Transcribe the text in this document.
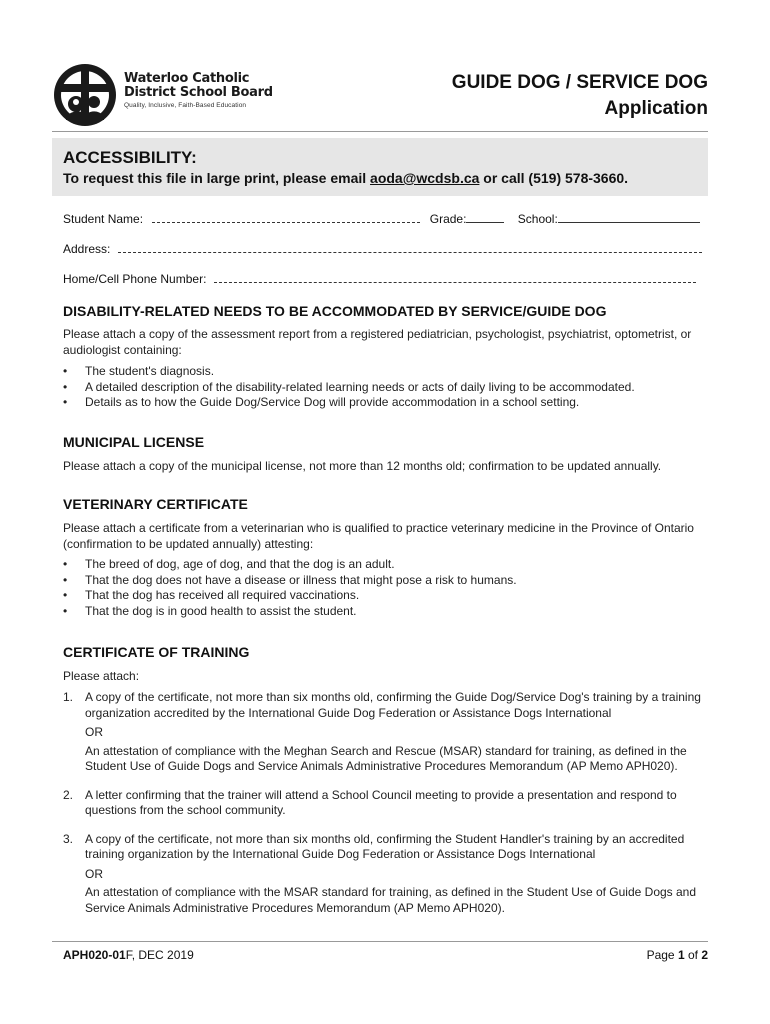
Waterloo Catholic
District School Board
Quality, Inclusive, Faith-Based Education
GUIDE DOG / SERVICE DOG
Application
ACCESSIBILITY:
To request this file in large print, please email aoda@wcdsb.ca or call (519) 578-3660.
Student Name:	Grade:	School:
Address:
Home/Cell Phone Number:
DISABILITY-RELATED NEEDS TO BE ACCOMMODATED BY SERVICE/GUIDE DOG
Please attach a copy of the assessment report from a registered pediatrician, psychologist, psychiatrist, optometrist, or audiologist containing:
• The student's diagnosis.
• A detailed description of the disability-related learning needs or acts of daily living to be accommodated.
• Details as to how the Guide Dog/Service Dog will provide accommodation in a school setting.
MUNICIPAL LICENSE
Please attach a copy of the municipal license, not more than 12 months old; confirmation to be updated annually.
VETERINARY CERTIFICATE
Please attach a certificate from a veterinarian who is qualified to practice veterinary medicine in the Province of Ontario (confirmation to be updated annually) attesting:
• The breed of dog, age of dog, and that the dog is an adult.
• That the dog does not have a disease or illness that might pose a risk to humans.
• That the dog has received all required vaccinations.
• That the dog is in good health to assist the student.
CERTIFICATE OF TRAINING
Please attach:
1. A copy of the certificate, not more than six months old, confirming the Guide Dog/Service Dog's training by a training organization accredited by the International Guide Dog Federation or Assistance Dogs International
OR
An attestation of compliance with the Meghan Search and Rescue (MSAR) standard for training, as defined in the Student Use of Guide Dogs and Service Animals Administrative Procedures Memorandum (AP Memo APH020).
2. A letter confirming that the trainer will attend a School Council meeting to provide a presentation and respond to questions from the school community.
3. A copy of the certificate, not more than six months old, confirming the Student Handler's training by an accredited training organization by the International Guide Dog Federation or Assistance Dogs International
OR
An attestation of compliance with the MSAR standard for training, as defined in the Student Use of Guide Dogs and Service Animals Administrative Procedures Memorandum (AP Memo APH020).
APH020-01F, DEC 2019	Page 1 of 2
